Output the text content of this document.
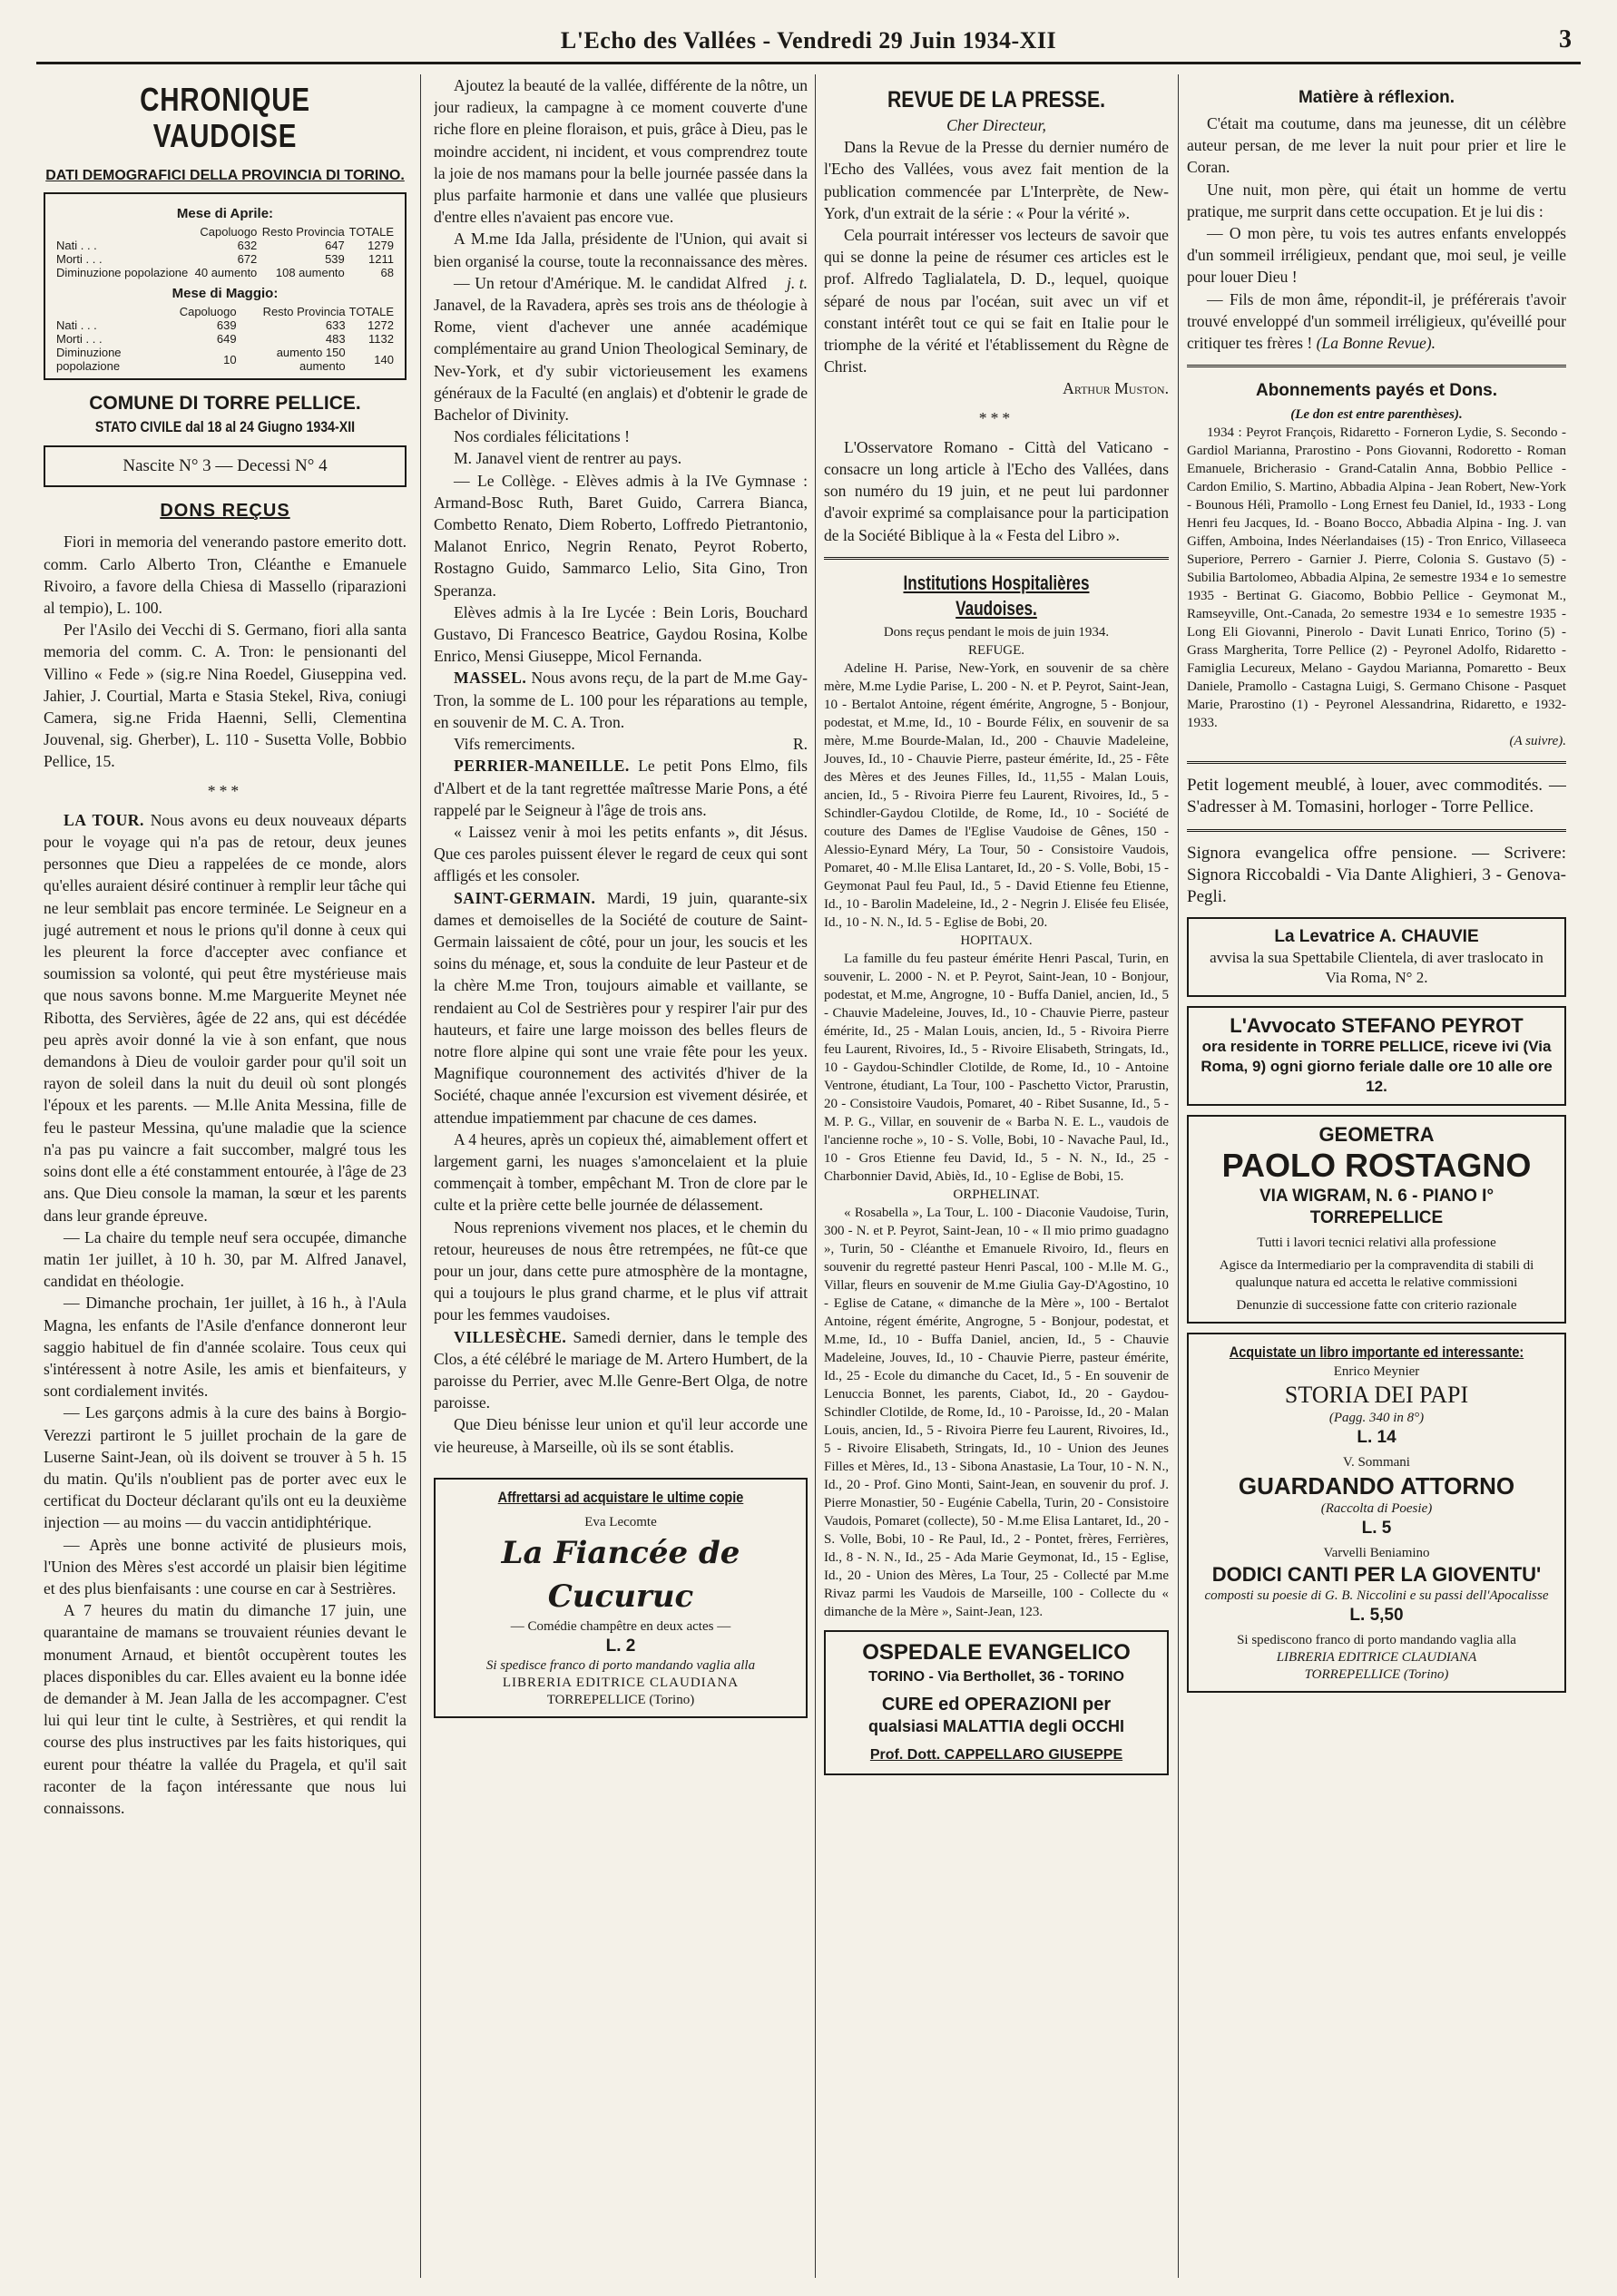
L'Echo des Vallées - Vendredi 29 Juin 1934-XII	3
CHRONIQUE VAUDOISE
DATI DEMOGRAFICI DELLA PROVINCIA DI TORINO.
Mese di Aprile:
	Capoluogo	Resto Provincia	TOTALE
Nati . . .	632	647	1279
Morti . . .	672	539	1211
Diminuzione popolazione	40 aumento	108 aumento	68
Mese di Maggio:
	Capoluogo	Resto Provincia	TOTALE
Nati . . .	639	633	1272
Morti . . .	649	483	1132
Diminuzione popolazione	10	aumento 150 aumento	140
COMUNE DI TORRE PELLICE.
STATO CIVILE dal 18 al 24 Giugno 1934-XII
Nascite N° 3 — Decessi N° 4
DONS REÇUS

Fiori in memoria del venerando pastore emerito dott. comm. Carlo Alberto Tron, Cléanthe e Emanuele Rivoiro, a favore della Chiesa di Massello (riparazioni al tempio), L. 100.

Per l'Asilo dei Vecchi di S. Germano, fiori alla santa memoria del comm. C. A. Tron: le pensionanti del Villino « Fede » (sig.re Nina Roedel, Giuseppina ved. Jahier, J. Courtial, Marta e Stasia Stekel, Riva, coniugi Camera, sig.ne Frida Haenni, Selli, Clementina Jouvenal, sig. Gherber), L. 110 - Susetta Volle, Bobbio Pellice, 15.

***

LA TOUR. Nous avons eu deux nouveaux départs pour le voyage qui n'a pas de retour, deux jeunes personnes que Dieu a rappelées de ce monde, alors qu'elles auraient désiré continuer à remplir leur tâche qui ne leur semblait pas encore terminée. Le Seigneur en a jugé autrement et nous le prions qu'il donne à ceux qui les pleurent la force d'accepter avec confiance et soumission sa volonté, qui peut être mystérieuse mais que nous savons bonne. M.me Marguerite Meynet née Ribotta, des Servières, âgée de 22 ans, qui est décédée peu après avoir donné la vie à son enfant, que nous demandons à Dieu de vouloir garder pour qu'il soit un rayon de soleil dans la nuit du deuil où sont plongés l'époux et les parents. — M.lle Anita Messina, fille de feu le pasteur Messina, qu'une maladie que la science n'a pas pu vaincre a fait succomber, malgré tous les soins dont elle a été constamment entourée, à l'âge de 23 ans. Que Dieu console la maman, la sœur et les parents dans leur grande épreuve.

— La chaire du temple neuf sera occupée, dimanche matin 1er juillet, à 10 h. 30, par M. Alfred Janavel, candidat en théologie.

— Dimanche prochain, 1er juillet, à 16 h., à l'Aula Magna, les enfants de l'Asile d'enfance donneront leur saggio habituel de fin d'année scolaire. Tous ceux qui s'intéressent à notre Asile, les amis et bienfaiteurs, y sont cordialement invités.

— Les garçons admis à la cure des bains à Borgio-Verezzi partiront le 5 juillet prochain de la gare de Luserne Saint-Jean, où ils doivent se trouver à 5 h. 15 du matin. Qu'ils n'oublient pas de porter avec eux le certificat du Docteur déclarant qu'ils ont eu la deuxième injection — au moins — du vaccin antidiphtérique.

— Après une bonne activité de plusieurs mois, l'Union des Mères s'est accordé un plaisir bien légitime et des plus bienfaisants : une course en car à Sestrières.

A 7 heures du matin du dimanche 17 juin, une quarantaine de mamans se trouvaient réunies devant le monument Arnaud, et bientôt occupèrent toutes les places disponibles du car. Elles avaient eu la bonne idée de demander à M. Jean Jalla de les accompagner. C'est lui qui leur tint le culte, à Sestrières, et qui rendit la course des plus instructives par les faits historiques, qui eurent pour théatre la vallée du Pragela, et qu'il sait raconter de la façon intéressante que nous lui connaissons.

Ajoutez la beauté de la vallée, différente de la nôtre, un jour radieux, la campagne à ce moment couverte d'une riche flore en pleine floraison, et puis, grâce à Dieu, pas le moindre accident, ni incident, et vous comprendrez toute la joie de nos mamans pour la belle journée passée dans la plus parfaite harmonie et dans une vallée que plusieurs d'entre elles n'avaient pas encore vue.

A M.me Ida Jalla, présidente de l'Union, qui avait si bien organisé la course, toute la reconnaissance des mères.
j. t.

— Un retour d'Amérique. M. le candidat Alfred Janavel, de la Ravadera, après ses trois ans de théologie à Rome, vient d'achever une année académique complémentaire au grand Union Theological Seminary, de Nev-York, et d'y subir victorieusement les examens généraux de la Faculté (en anglais) et d'obtenir le grade de Bachelor of Divinity.

Nos cordiales félicitations !

M. Janavel vient de rentrer au pays.

— Le Collège. - Elèves admis à la IVe Gymnase : Armand-Bosc Ruth, Baret Guido, Carrera Bianca, Combetto Renato, Diem Roberto, Loffredo Pietrantonio, Malanot Enrico, Negrin Renato, Peyrot Roberto, Rostagno Guido, Sammarco Lelio, Sita Gino, Tron Speranza.

Elèves admis à la Ire Lycée : Bein Loris, Bouchard Gustavo, Di Francesco Beatrice, Gaydou Rosina, Kolbe Enrico, Mensi Giuseppe, Micol Fernanda.

MASSEL. Nous avons reçu, de la part de M.me Gay-Tron, la somme de L. 100 pour les réparations au temple, en souvenir de M. C. A. Tron.

Vifs remerciments.	R.

PERRIER-MANEILLE. Le petit Pons Elmo, fils d'Albert et de la tant regrettée maîtresse Marie Pons, a été rappelé par le Seigneur à l'âge de trois ans.

« Laissez venir à moi les petits enfants », dit Jésus. Que ces paroles puissent élever le regard de ceux qui sont affligés et les consoler.

SAINT-GERMAIN. Mardi, 19 juin, quarante-six dames et demoiselles de la Société de couture de Saint-Germain laissaient de côté, pour un jour, les soucis et les soins du ménage, et, sous la conduite de leur Pasteur et de la chère M.me Tron, toujours aimable et vaillante, se rendaient au Col de Sestrières pour y respirer l'air pur des hauteurs, et faire une large moisson des belles fleurs de notre flore alpine qui sont une vraie fête pour les yeux. Magnifique couronnement des activités d'hiver de la Société, chaque année l'excursion est vivement désirée, et attendue impatiemment par chacune de ces dames.

A 4 heures, après un copieux thé, aimablement offert et largement garni, les nuages s'amoncelaient et la pluie commençait à tomber, empêchant M. Tron de clore par le culte et la prière cette belle journée de délassement.

Nous reprenions vivement nos places, et le chemin du retour, heureuses de nous être retrempées, ne fût-ce que pour un jour, dans cette pure atmosphère de la montagne, qui a toujours le plus grand charme, et le plus vif attrait pour les femmes vaudoises.

VILLESÈCHE. Samedi dernier, dans le temple des Clos, a été célébré le mariage de M. Artero Humbert, de la paroisse du Perrier, avec M.lle Genre-Bert Olga, de notre paroisse.

Que Dieu bénisse leur union et qu'il leur accorde une vie heureuse, à Marseille, où ils se sont établis.

Affrettarsi ad acquistare le ultime copie
Eva Lecomte
La Fiancée de Cucuruc
— Comédie champêtre en deux actes —
L. 2
Si spedisce franco di porto mandando vaglia alla
LIBRERIA EDITRICE CLAUDIANA
TORREPELLICE (Torino)
REVUE DE LA PRESSE.

Cher Directeur,

Dans la Revue de la Presse du dernier numéro de l'Echo des Vallées, vous avez fait mention de la publication commencée par L'Interprète, de New-York, d'un extrait de la série : « Pour la vérité ».

Cela pourrait intéresser vos lecteurs de savoir que qui se donne la peine de résumer ces articles est le prof. Alfredo Taglialatela, D. D., lequel, quoique séparé de nous par l'océan, suit avec un vif et constant intérêt tout ce qui se fait en Italie pour le triomphe de la vérité et l'établissement du Règne de Christ.

Arthur Muston.

***

L'Osservatore Romano - Città del Vaticano - consacre un long article à l'Echo des Vallées, dans son numéro du 19 juin, et ne peut lui pardonner d'avoir exprimé sa complaisance pour la participation de la Société Biblique à la « Festa del Libro ».

Institutions Hospitalières Vaudoises.

Dons reçus pendant le mois de juin 1934.

REFUGE.

Adeline H. Parise, New-York, en souvenir de sa chère mère, M.me Lydie Parise, L. 200 - N. et P. Peyrot, Saint-Jean, 10 - Bertalot Antoine, régent émérite, Angrogne, 5 - Bonjour, podestat, et M.me, Id., 10 - Bourde Félix, en souvenir de sa mère, M.me Bourde-Malan, Id., 200 - Chauvie Madeleine, Jouves, Id., 10 - Chauvie Pierre, pasteur émérite, Id., 25 - Fête des Mères et des Jeunes Filles, Id., 11,55 - Malan Louis, ancien, Id., 5 - Rivoira Pierre feu Laurent, Rivoires, Id., 5 - Schindler-Gaydou Clotilde, de Rome, Id., 10 - Société de couture des Dames de l'Eglise Vaudoise de Gênes, 150 - Alessio-Eynard Méry, La Tour, 50 - Consistoire Vaudois, Pomaret, 40 - M.lle Elisa Lantaret, Id., 20 - S. Volle, Bobi, 15 - Geymonat Paul feu Paul, Id., 5 - David Etienne feu Etienne, Id., 10 - Barolin Madeleine, Id., 2 - Negrin J. Elisée feu Elisée, Id., 10 - N. N., Id. 5 - Eglise de Bobi, 20.

HOPITAUX.

La famille du feu pasteur émérite Henri Pascal, Turin, en souvenir, L. 2000 - N. et P. Peyrot, Saint-Jean, 10 - Bonjour, podestat, et M.me, Angrogne, 10 - Buffa Daniel, ancien, Id., 5 - Chauvie Madeleine, Jouves, Id., 10 - Chauvie Pierre, pasteur émérite, Id., 25 - Malan Louis, ancien, Id., 5 - Rivoira Pierre feu Laurent, Rivoires, Id., 5 - Rivoire Elisabeth, Stringats, Id., 10 - Gaydou-Schindler Clotilde, de Rome, Id., 10 - Antoine Ventrone, étudiant, La Tour, 100 - Paschetto Victor, Prarustin, 20 - Consistoire Vaudois, Pomaret, 40 - Ribet Susanne, Id., 5 - M. P. G., Villar, en souvenir de « Barba N. E. L., vaudois de l'ancienne roche », 10 - S. Volle, Bobi, 10 - Navache Paul, Id., 10 - Gros Etienne feu David, Id., 5 - N. N., Id., 25 - Charbonnier David, Abiès, Id., 10 - Eglise de Bobi, 15.

ORPHELINAT.

« Rosabella », La Tour, L. 100 - Diaconie Vaudoise, Turin, 300 - N. et P. Peyrot, Saint-Jean, 10 - « Il mio primo guadagno », Turin, 50 - Cléanthe et Emanuele Rivoiro, Id., fleurs en souvenir du regretté pasteur Henri Pascal, 100 - M.lle M. G., Villar, fleurs en souvenir de M.me Giulia Gay-D'Agostino, 10 - Eglise de Catane, « dimanche de la Mère », 100 - Bertalot Antoine, régent émérite, Angrogne, 5 - Bonjour, podestat, et M.me, Id., 10 - Buffa Daniel, ancien, Id., 5 - Chauvie Madeleine, Jouves, Id., 10 - Chauvie Pierre, pasteur émérite, Id., 25 - Ecole du dimanche du Cacet, Id., 5 - En souvenir de Lenuccia Bonnet, les parents, Ciabot, Id., 20 - Gaydou-Schindler Clotilde, de Rome, Id., 10 - Paroisse, Id., 20 - Malan Louis, ancien, Id., 5 - Rivoira Pierre feu Laurent, Rivoires, Id., 5 - Rivoire Elisabeth, Stringats, Id., 10 - Union des Jeunes Filles et Mères, Id., 13 - Sibona Anastasie, La Tour, 10 - N. N., Id., 20 - Prof. Gino Monti, Saint-Jean, en souvenir du prof. J. Pierre Monastier, 50 - Eugénie Cabella, Turin, 20 - Consistoire Vaudois, Pomaret (collecte), 50 - M.me Elisa Lantaret, Id., 20 - S. Volle, Bobi, 10 - Re Paul, Id., 2 - Pontet, frères, Ferrières, Id., 8 - N. N., Id., 25 - Ada Marie Geymonat, Id., 15 - Eglise, Id., 20 - Union des Mères, La Tour, 25 - Collecté par M.me Rivaz parmi les Vaudois de Marseille, 100 - Collecte du « dimanche de la Mère », Saint-Jean, 123.

OSPEDALE EVANGELICO
TORINO - Via Berthollet, 36 - TORINO
CURE ed OPERAZIONI per
qualsiasi MALATTIA degli OCCHI
Prof. Dott. CAPPELLARO GIUSEPPE
Matière à réflexion.

C'était ma coutume, dans ma jeunesse, dit un célèbre auteur persan, de me lever la nuit pour prier et lire le Coran.

Une nuit, mon père, qui était un homme de vertu pratique, me surprit dans cette occupation. Et je lui dis :

— O mon père, tu vois tes autres enfants enveloppés d'un sommeil irréligieux, pendant que, moi seul, je veille pour louer Dieu !

— Fils de mon âme, répondit-il, je préférerais t'avoir trouvé enveloppé d'un sommeil irréligieux, qu'éveillé pour critiquer tes frères ! (La Bonne Revue).

Abonnements payés et Dons.

(Le don est entre parenthèses).

1934 : Peyrot François, Ridaretto - Forneron Lydie, S. Secondo - Gardiol Marianna, Prarostino - Pons Giovanni, Rodoretto - Roman Emanuele, Bricherasio - Grand-Catalin Anna, Bobbio Pellice - Cardon Emilio, S. Martino, Abbadia Alpina - Jean Robert, New-York - Bounous Hélì, Pramollo - Long Ernest feu Daniel, Id., 1933 - Long Henri feu Jacques, Id. - Boano Bocco, Abbadia Alpina - Ing. J. van Giffen, Amboina, Indes Néerlandaises (15) - Tron Enrico, Villaseeca Superiore, Perrero - Garnier J. Pierre, Colonia S. Gustavo (5) - Subilia Bartolomeo, Abbadia Alpina, 2e semestre 1934 e 1o semestre 1935 - Bertinat G. Giacomo, Bobbio Pellice - Geymonat M., Ramseyville, Ont.-Canada, 2o semestre 1934 e 1o semestre 1935 - Long Eli Giovanni, Pinerolo - Davit Lunati Enrico, Torino (5) - Grass Margherita, Torre Pellice (2) - Peyronel Adolfo, Ridaretto - Famiglia Lecureux, Melano - Gaydou Marianna, Pomaretto - Beux Daniele, Pramollo - Castagna Luigi, S. Germano Chisone - Pasquet Marie, Prarostino (1) - Peyronel Alessandrina, Ridaretto, e 1932-1933.

(A suivre).

Petit logement meublé, à louer, avec commodités. — S'adresser à M. Tomasini, horloger - Torre Pellice.

Signora evangelica offre pensione. — Scrivere: Signora Riccobaldi - Via Dante Alighieri, 3 - Genova-Pegli.

La Levatrice A. CHAUVIE
avvisa la sua Spettabile Clientela, di aver traslocato in Via Roma, N° 2.
L'Avvocato STEFANO PEYROT
ora residente in TORRE PELLICE, riceve ivi (Via Roma, 9) ogni giorno feriale dalle ore 10 alle ore 12.
GEOMETRA
PAOLO ROSTAGNO
VIA WIGRAM, N. 6 - PIANO I°
TORREPELLICE
Tutti i lavori tecnici relativi alla professione
Agisce da Intermediario per la compravendita di stabili di qualunque natura ed accetta le relative commissioni
Denunzie di successione fatte con criterio razionale
Acquistate un libro importante ed interessante:
Enrico Meynier
STORIA DEI PAPI
(Pagg. 340 in 8°)
L. 14
V. Sommani
GUARDANDO ATTORNO
(Raccolta di Poesie)
L. 5
Varvelli Beniamino
DODICI CANTI PER LA GIOVENTU'
composti su poesie di G. B. Niccolini e su passi dell'Apocalisse
L. 5,50
Si spediscono franco di porto mandando vaglia alla
LIBRERIA EDITRICE CLAUDIANA
TORREPELLICE (Torino)
